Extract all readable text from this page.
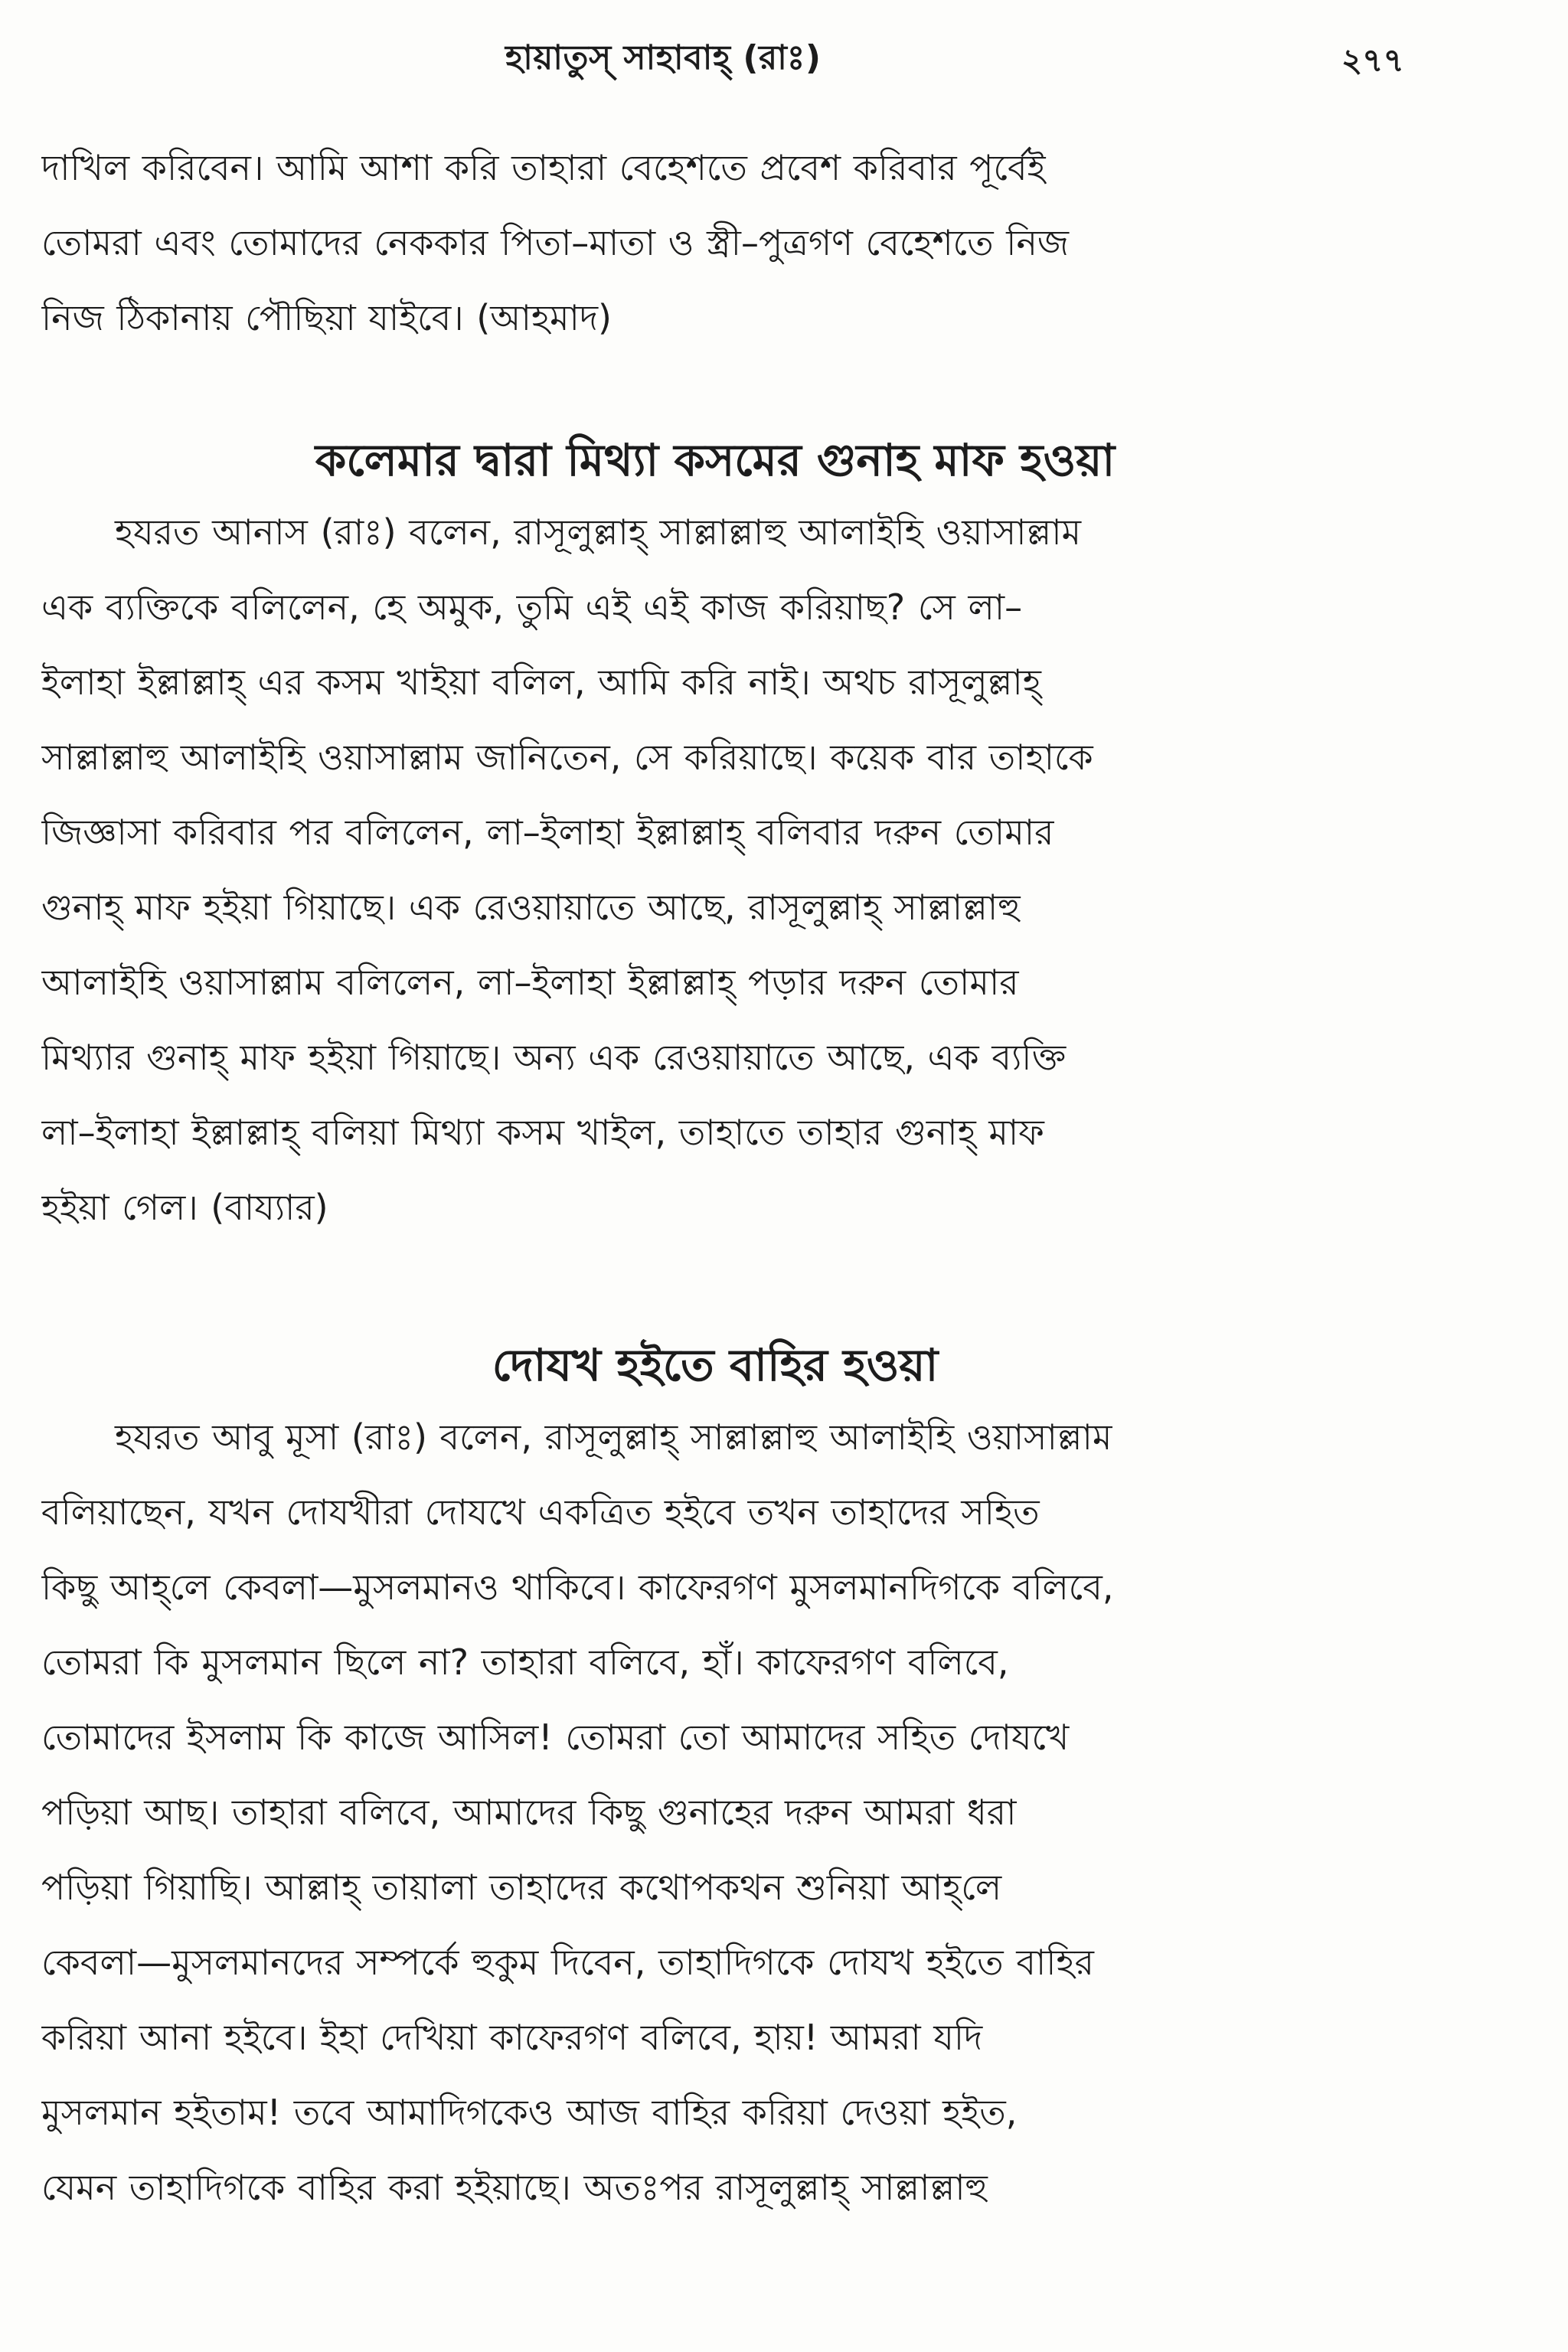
হায়াতুস্ সাহাবাহ্ (রাঃ)	২৭৭

দাখিল করিবেন। আমি আশা করি তাহারা বেহেশতে প্রবেশ করিবার পূর্বেই
তোমরা এবং তোমাদের নেককার পিতা–মাতা ও স্ত্রী–পুত্রগণ বেহেশতে নিজ
নিজ ঠিকানায় পৌছিয়া যাইবে। (আহমাদ)

কলেমার দ্বারা মিথ্যা কসমের গুনাহ মাফ হওয়া

হযরত আনাস (রাঃ) বলেন, রাসূলুল্লাহ্ সাল্লাল্লাহু আলাইহি ওয়াসাল্লাম
এক ব্যক্তিকে বলিলেন, হে অমুক, তুমি এই এই কাজ করিয়াছ? সে লা–
ইলাহা ইল্লাল্লাহ্ এর কসম খাইয়া বলিল, আমি করি নাই। অথচ রাসূলুল্লাহ্
সাল্লাল্লাহু আলাইহি ওয়াসাল্লাম জানিতেন, সে করিয়াছে। কয়েক বার তাহাকে
জিজ্ঞাসা করিবার পর বলিলেন, লা–ইলাহা ইল্লাল্লাহ্ বলিবার দরুন তোমার
গুনাহ্ মাফ হইয়া গিয়াছে। এক রেওয়ায়াতে আছে, রাসূলুল্লাহ্ সাল্লাল্লাহু
আলাইহি ওয়াসাল্লাম বলিলেন, লা–ইলাহা ইল্লাল্লাহ্ পড়ার দরুন তোমার
মিথ্যার গুনাহ্ মাফ হইয়া গিয়াছে। অন্য এক রেওয়ায়াতে আছে, এক ব্যক্তি
লা–ইলাহা ইল্লাল্লাহ্ বলিয়া মিথ্যা কসম খাইল, তাহাতে তাহার গুনাহ্ মাফ
হইয়া গেল। (বায্যার)

দোযখ হইতে বাহির হওয়া

হযরত আবু মূসা (রাঃ) বলেন, রাসূলুল্লাহ্ সাল্লাল্লাহু আলাইহি ওয়াসাল্লাম
বলিয়াছেন, যখন দোযখীরা দোযখে একত্রিত হইবে তখন তাহাদের সহিত
কিছু আহ্‌লে কেবলা—মুসলমানও থাকিবে। কাফেরগণ মুসলমানদিগকে বলিবে,
তোমরা কি মুসলমান ছিলে না? তাহারা বলিবে, হাঁ। কাফেরগণ বলিবে,
তোমাদের ইসলাম কি কাজে আসিল! তোমরা তো আমাদের সহিত দোযখে
পড়িয়া আছ। তাহারা বলিবে, আমাদের কিছু গুনাহের দরুন আমরা ধরা
পড়িয়া গিয়াছি। আল্লাহ্ তায়ালা তাহাদের কথোপকথন শুনিয়া আহ্‌লে
কেবলা—মুসলমানদের সম্পর্কে হুকুম দিবেন, তাহাদিগকে দোযখ হইতে বাহির
করিয়া আনা হইবে। ইহা দেখিয়া কাফেরগণ বলিবে, হায়! আমরা যদি
মুসলমান হইতাম! তবে আমাদিগকেও আজ বাহির করিয়া দেওয়া হইত,
যেমন তাহাদিগকে বাহির করা হইয়াছে। অতঃপর রাসূলুল্লাহ্ সাল্লাল্লাহু
